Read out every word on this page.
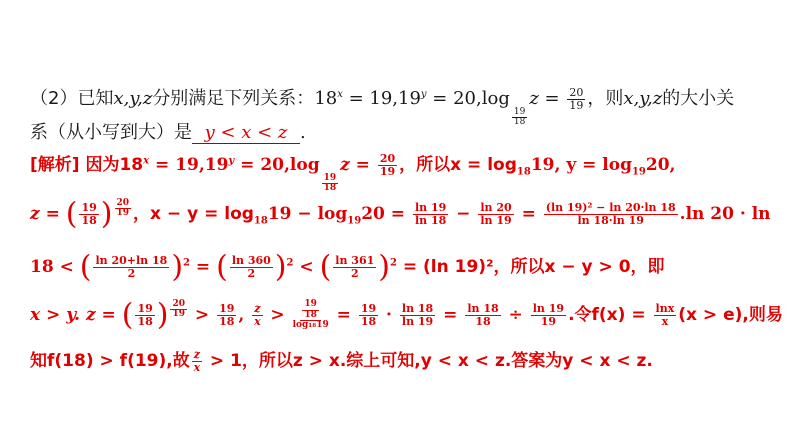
（2）已知x,y,z分别满足下列关系：$18^x = 19,19^y = 20,\log$
$\frac{19}{18}$
$z = \frac{20}{19}$ ，则x,y,z的大小关
系（从小写到大）是 y < x < z .
[解析] 因为$18^x = 19,19^y = 20,\log$
$\frac{19}{18}$
$z = \frac{20}{19}$ ，所以$x = \log_{18}19$, $y = \log_{19}20$,
z = ( $\frac{19}{18}$ ) $^{\frac{20}{19}}$ ，$x - y = \log_{18}19 - \log_{19}20 = \frac{\ln 19}{\ln 18} - \frac{\ln 20}{\ln 19} = \frac{\text{(ln 19)² − ln 20·ln 18}}{\ln 18\cdot\ln 19} .\ln$ 20 · ln
18 < ( $\frac{\ln 20+\ln 18}{2} )^2$ = ( $\frac{\ln 360}{2} )^2$ < ( $\frac{\ln 361}{2} )^2 = (\ln$ 19)²，所以x − y > 0，即
x > y. z = ( $\frac{19}{18}$ ) $^{\frac{20}{19}} > \frac{19}{18}$ , $\frac{z}{x} > \frac{\frac{19}{18}}{\text{log₁₈19}} = \frac{19}{18} \cdot \frac{\ln 18}{\ln 19} = \frac{\ln 18}{18} \div \frac{\ln 19}{19}$ .令$f(x) = \frac{\ln x}{x} (x > e)$,则易
知f(18) > f(19),故 $\frac{z}{x} > 1$，所以z > x.综上可知,y < x < z.答案为y < x < z.
